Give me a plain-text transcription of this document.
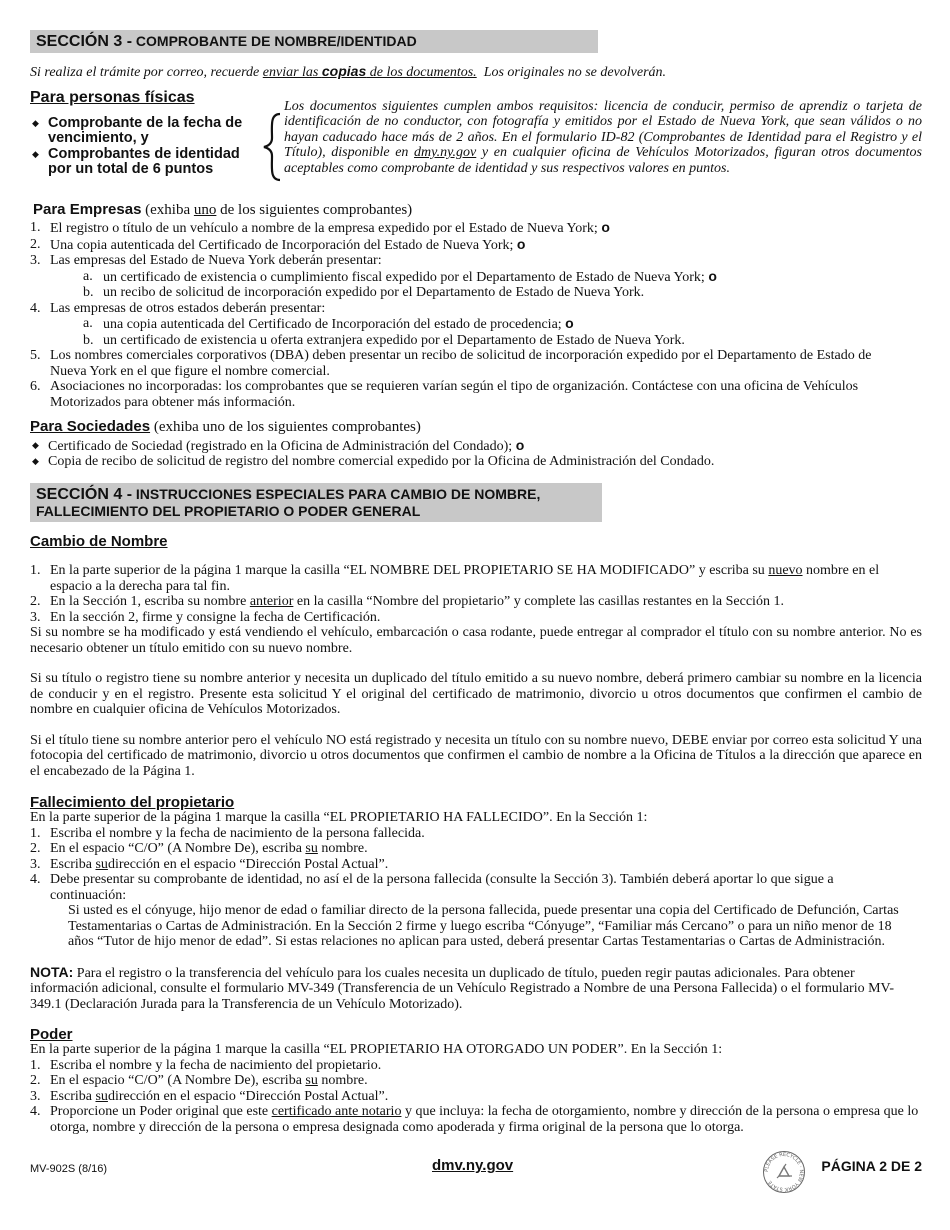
SECCIÓN 3 - COMPROBANTE DE NOMBRE/IDENTIDAD
Si realiza el trámite por correo, recuerde enviar las copias de los documentos.  Los originales no se devolverán.
Para personas físicas
◆ Comprobante de la fecha de vencimiento, y
◆ Comprobantes de identidad por un total de 6 puntos
Los documentos siguientes cumplen ambos requisitos: licencia de conducir, permiso de aprendiz o tarjeta de identificación de no conductor, con fotografía y emitidos por el Estado de Nueva York, que sean válidos o no hayan caducado hace más de 2 años. En el formulario ID-82 (Comprobantes de Identidad para el Registro y el Título), disponible en dmy.ny.gov y en cualquier oficina de Vehículos Motorizados, figuran otros documentos aceptables como comprobante de identidad y sus respectivos valores en puntos.
Para Empresas (exhiba uno de los siguientes comprobantes)
1. El registro o título de un vehículo a nombre de la empresa expedido por el Estado de Nueva York; o
2. Una copia autenticada del Certificado de Incorporación del Estado de Nueva York; o
3. Las empresas del Estado de Nueva York deberán presentar:
a. un certificado de existencia o cumplimiento fiscal expedido por el Departamento de Estado de Nueva York; o
b. un recibo de solicitud de incorporación expedido por el Departamento de Estado de Nueva York.
4. Las empresas de otros estados deberán presentar:
a. una copia autenticada del Certificado de Incorporación del estado de procedencia; o
b. un certificado de existencia u oferta extranjera expedido por el Departamento de Estado de Nueva York.
5. Los nombres comerciales corporativos (DBA) deben presentar un recibo de solicitud de incorporación expedido por el Departamento de Estado de Nueva York en el que figure el nombre comercial.
6. Asociaciones no incorporadas: los comprobantes que se requieren varían según el tipo de organización. Contáctese con una oficina de Vehículos Motorizados para obtener más información.
Para Sociedades (exhiba uno de los siguientes comprobantes)
◆ Certificado de Sociedad (registrado en la Oficina de Administración del Condado); o
◆ Copia de recibo de solicitud de registro del nombre comercial expedido por la Oficina de Administración del Condado.
SECCIÓN 4 - INSTRUCCIONES ESPECIALES PARA CAMBIO DE NOMBRE,
FALLECIMIENTO DEL PROPIETARIO O PODER GENERAL
Cambio de Nombre
1. En la parte superior de la página 1 marque la casilla “EL NOMBRE DEL PROPIETARIO SE HA MODIFICADO” y escriba su nuevo nombre en el espacio a la derecha para tal fin.
2. En la Sección 1, escriba su nombre anterior en la casilla “Nombre del propietario” y complete las casillas restantes en la Sección 1.
3. En la sección 2, firme y consigne la fecha de Certificación.

Si su nombre se ha modificado y está vendiendo el vehículo, embarcación o casa rodante, puede entregar al comprador el título con su nombre anterior. No es necesario obtener un título emitido con su nuevo nombre.

Si su título o registro tiene su nombre anterior y necesita un duplicado del título emitido a su nuevo nombre, deberá primero cambiar su nombre en la licencia de conducir y en el registro. Presente esta solicitud Y el original del certificado de matrimonio, divorcio u otros documentos que confirmen el cambio de nombre en cualquier oficina de Vehículos Motorizados.

Si el título tiene su nombre anterior pero el vehículo NO está registrado y necesita un título con su nombre nuevo, DEBE enviar por correo esta solicitud Y una fotocopia del certificado de matrimonio, divorcio u otros documentos que confirmen el cambio de nombre a la Oficina de Títulos a la dirección que aparece en el encabezado de la Página 1.

Fallecimiento del propietario
En la parte superior de la página 1 marque la casilla “EL PROPIETARIO HA FALLECIDO”. En la Sección 1:
1. Escriba el nombre y la fecha de nacimiento de la persona fallecida.
2. En el espacio “C/O” (A Nombre De), escriba su nombre.
3. Escriba sudirección en el espacio “Dirección Postal Actual”.
4. Debe presentar su comprobante de identidad, no así el de la persona fallecida (consulte la Sección 3). También deberá aportar lo que sigue a continuación:
Si usted es el cónyuge, hijo menor de edad o familiar directo de la persona fallecida, puede presentar una copia del Certificado de Defunción, Cartas Testamentarias o Cartas de Administración. En la Sección 2 firme y luego escriba “Cónyuge”, “Familiar más Cercano” o para un niño menor de 18 años “Tutor de hijo menor de edad”. Si estas relaciones no aplican para usted, deberá presentar Cartas Testamentarias o Cartas de Administración.

NOTA: Para el registro o la transferencia del vehículo para los cuales necesita un duplicado de título, pueden regir pautas adicionales. Para obtener información adicional, consulte el formulario MV-349 (Transferencia de un Vehículo Registrado a Nombre de una Persona Fallecida) o el formulario MV-349.1 (Declaración Jurada para la Transferencia de un Vehículo Motorizado).

Poder
En la parte superior de la página 1 marque la casilla “EL PROPIETARIO HA OTORGADO UN PODER”. En la Sección 1:
1. Escriba el nombre y la fecha de nacimiento del propietario.
2. En el espacio “C/O” (A Nombre De), escriba su nombre.
3. Escriba sudirección en el espacio “Dirección Postal Actual”.
4. Proporcione un Poder original que este certificado ante notario y que incluya: la fecha de otorgamiento, nombre y dirección de la persona o empresa que lo otorga, nombre y dirección de la persona o empresa designada como apoderada y firma original de la persona que lo otorga.
MV-902S (8/16)	dmv.ny.gov	PLEASE RECYCLE · NEW YORK STATE
PÁGINA 2 DE 2
